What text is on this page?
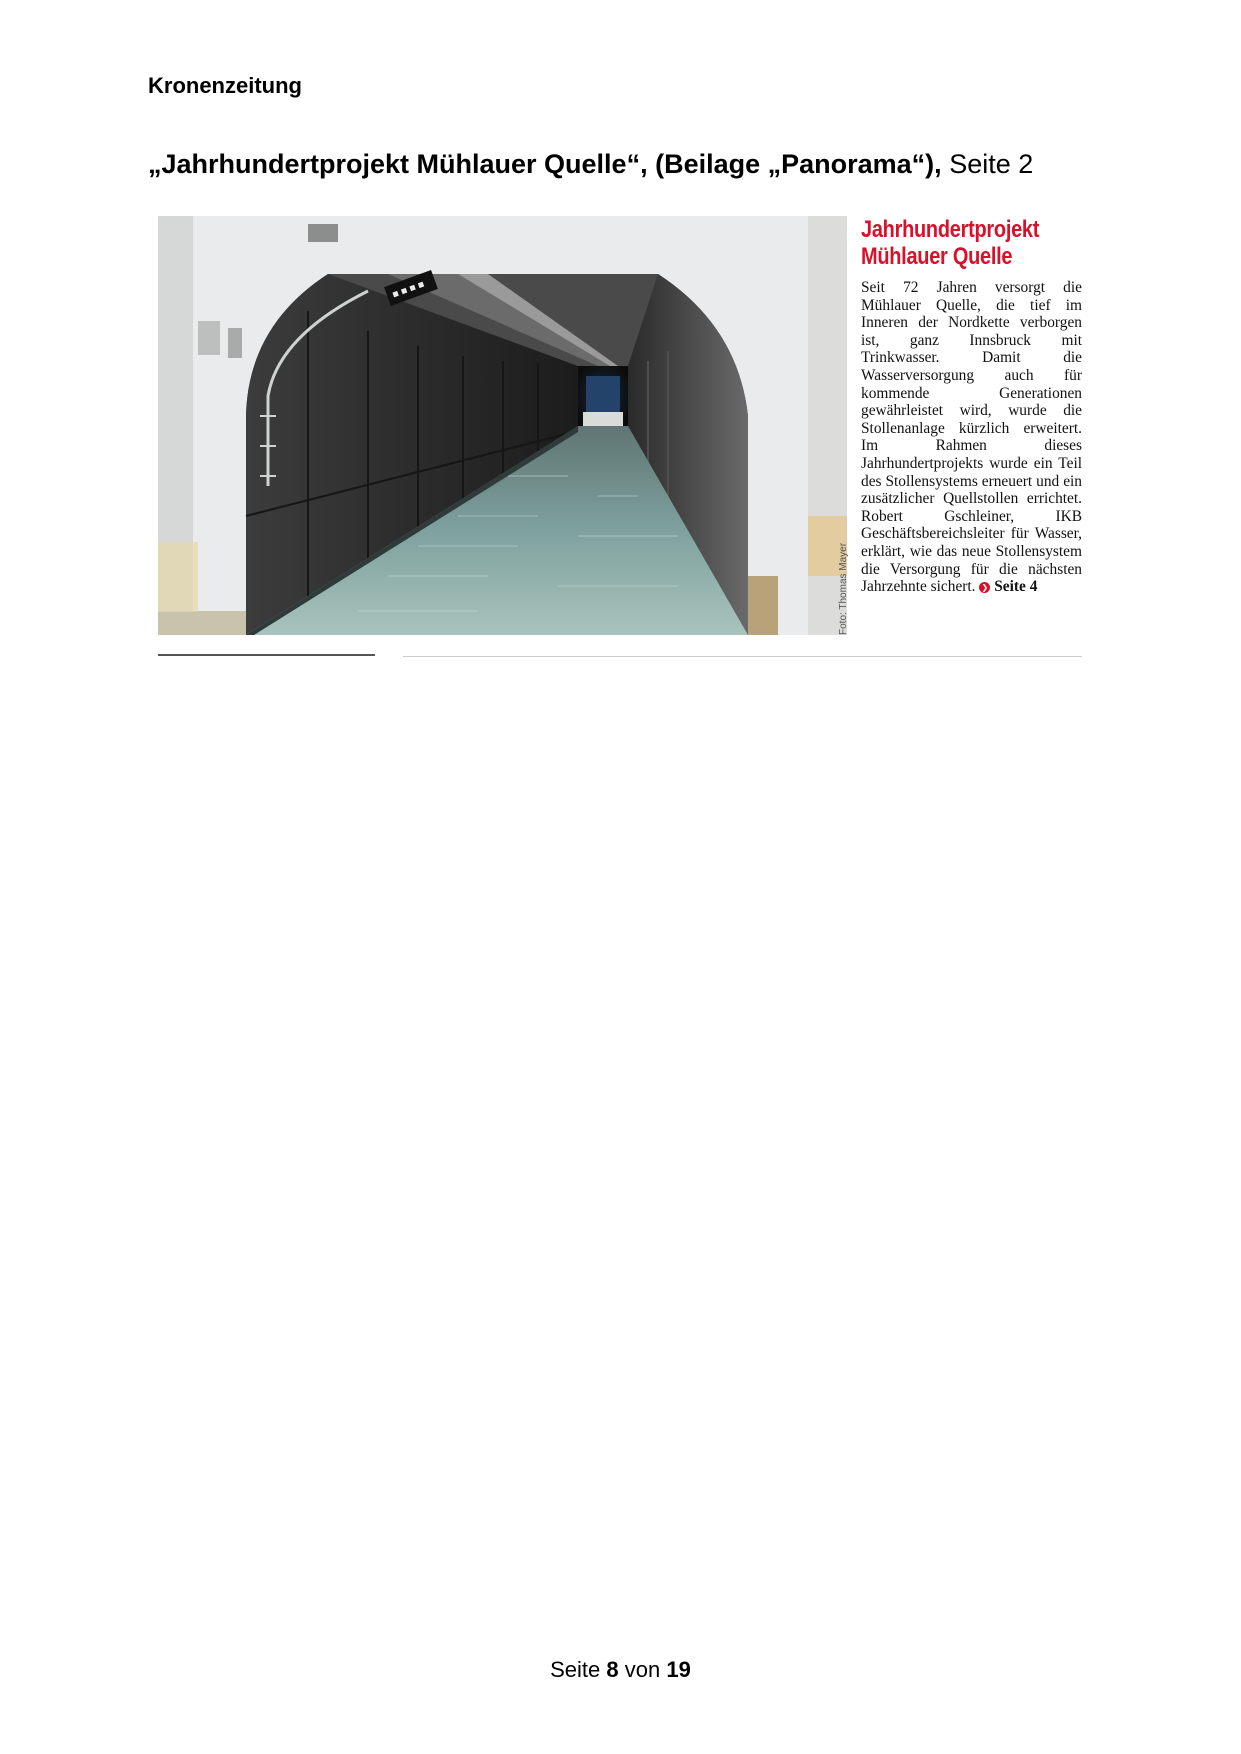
Kronenzeitung
„Jahrhundertprojekt Mühlauer Quelle“, (Beilage „Panorama“), Seite 2
Foto: Thomas Mayer
Jahrhundertprojekt
Mühlauer Quelle
Seit 72 Jahren versorgt die Mühlauer Quelle, die tief im Inneren der Nordkette verborgen ist, ganz Innsbruck mit Trinkwasser. Damit die Wasserversorgung auch für kommende Generationen gewährleistet wird, wurde die Stollenanlage kürzlich erweitert. Im Rahmen dieses Jahrhundertprojekts wurde ein Teil des Stollensystems erneuert und ein zusätzlicher Quellstollen errichtet. Robert Gschleiner, IKB Geschäftsbereichsleiter für Wasser, erklärt, wie das neue Stollensystem die Versorgung für die nächsten Jahrzehnte sichert. ❯ Seite 4
Seite 8 von 19
